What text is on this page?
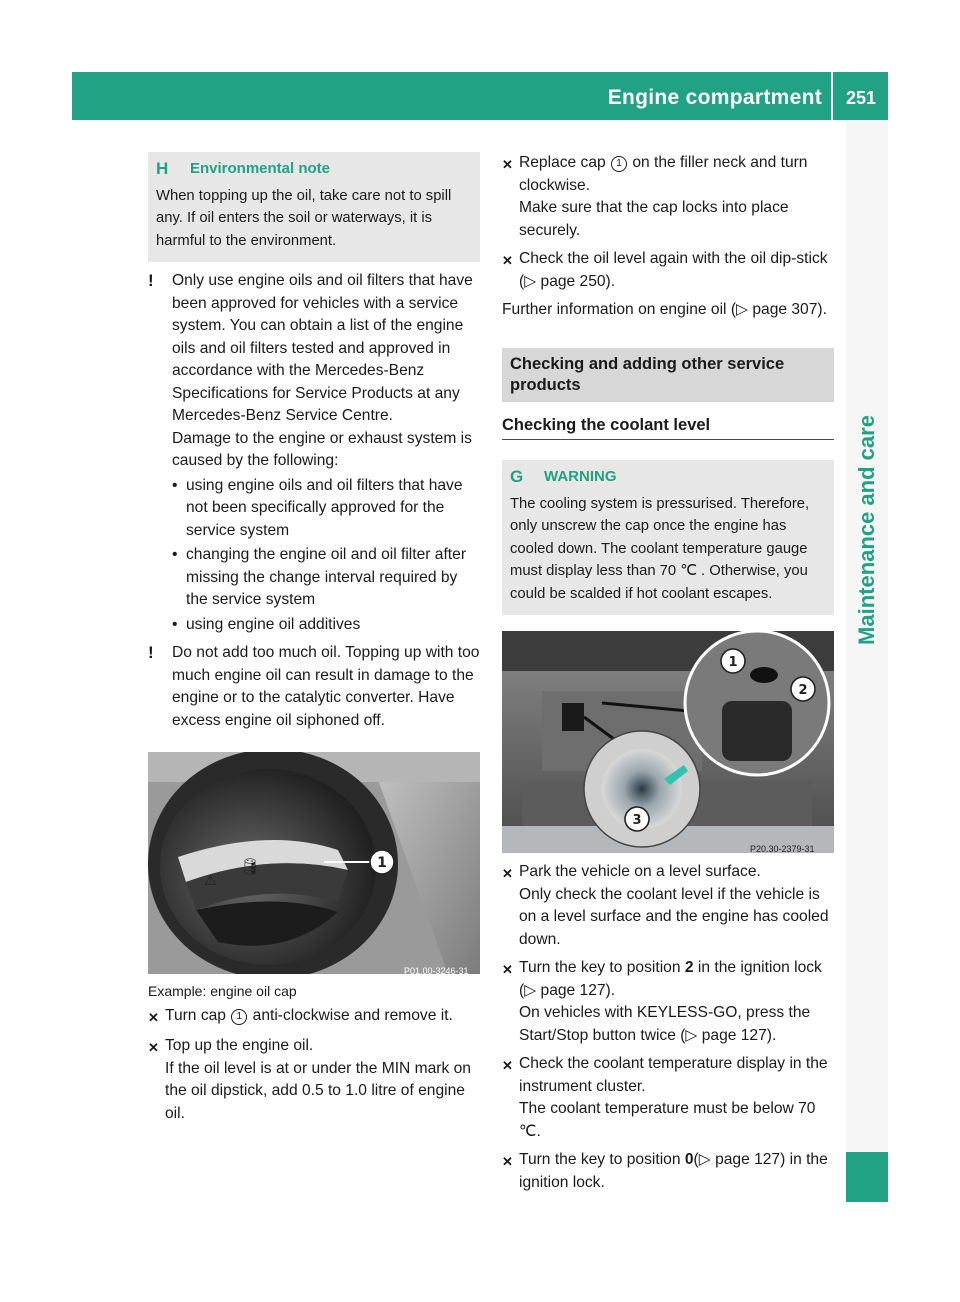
Engine compartment	251
Maintenance and care
H	Environmental note

When topping up the oil, take care not to spill any. If oil enters the soil or waterways, it is harmful to the environment.

!	Only use engine oils and oil filters that have been approved for vehicles with a service system. You can obtain a list of the engine oils and oil filters tested and approved in accordance with the Mercedes-Benz Specifications for Service Products at any Mercedes-Benz Service Centre.

Damage to the engine or exhaust system is caused by the following:

• using engine oils and oil filters that have not been specifically approved for the service system
• changing the engine oil and oil filter after missing the change interval required by the service system
• using engine oil additives
!	Do not add too much oil. Topping up with too much engine oil can result in damage to the engine or to the catalytic converter. Have excess engine oil siphoned off.

⚠
🛢	1
P01.00-3246-31
Example: engine oil cap
✕ Turn cap 1 anti-clockwise and remove it.

✕ Top up the engine oil.

If the oil level is at or under the MIN mark on the oil dipstick, add 0.5 to 1.0 litre of engine oil.

✕ Replace cap 1 on the filler neck and turn clockwise.

Make sure that the cap locks into place securely.

✕ Check the oil level again with the oil dip-stick (▷ page 250).

Further information on engine oil (▷ page 307).

Checking and adding other service products
Checking the coolant level
G	WARNING

The cooling system is pressurised. Therefore, only unscrew the cap once the engine has cooled down. The coolant temperature gauge must display less than 70 ℃ . Otherwise, you could be scalded if hot coolant escapes.

1
2
3
P20.30-2379-31
✕ Park the vehicle on a level surface.

Only check the coolant level if the vehicle is on a level surface and the engine has cooled down.

✕ Turn the key to position 2 in the ignition lock (▷ page 127).

On vehicles with KEYLESS-GO, press the Start/Stop button twice (▷ page 127).

✕ Check the coolant temperature display in the instrument cluster.

The coolant temperature must be below 70 ℃.

✕ Turn the key to position 0(▷ page 127) in the ignition lock.
